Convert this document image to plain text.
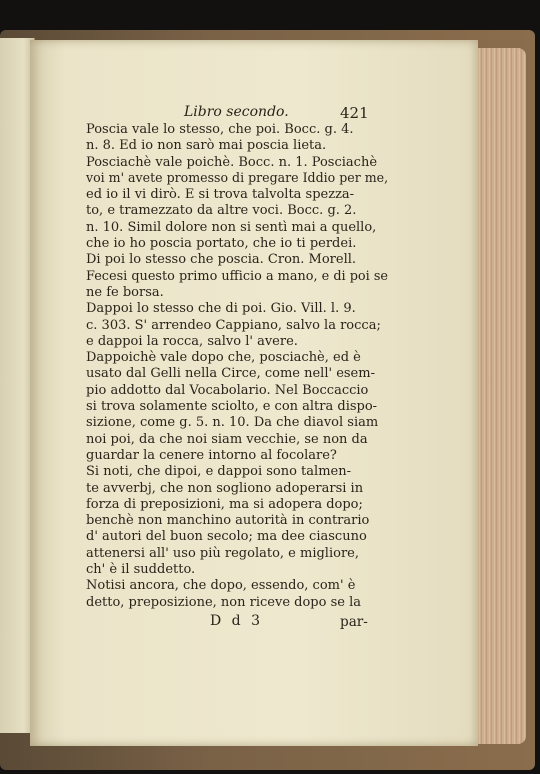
Libro secondo.	421
Poscia vale lo stesso, che poi. Bocc. g. 4.
n. 8. Ed io non sarò mai poscia lieta.
Posciachè vale poichè. Bocc. n. 1. Posciachè
voi m' avete promesso di pregare Iddio per me,
ed io il vi dirò. E si trova talvolta spezza-
to, e tramezzato da altre voci. Bocc. g. 2.
n. 10. Simil dolore non si sentì mai a quello,
che io ho poscia portato, che io ti perdei.
Di poi lo stesso che poscia. Cron. Morell.
Fecesi questo primo ufficio a mano, e di poi se
ne fe borsa.
Dappoi lo stesso che di poi. Gio. Vill. l. 9.
c. 303. S' arrendeo Cappiano, salvo la rocca;
e dappoi la rocca, salvo l' avere.
Dappoichè vale dopo che, posciachè, ed è
usato dal Gelli nella Circe, come nell' esem-
pio addotto dal Vocabolario. Nel Boccaccio
si trova solamente sciolto, e con altra dispo-
sizione, come g. 5. n. 10. Da che diavol siam
noi poi, da che noi siam vecchie, se non da
guardar la cenere intorno al focolare?
Si noti, che dipoi, e dappoi sono talmen-
te avverbj, che non sogliono adoperarsi in
forza di preposizioni, ma si adopera dopo;
benchè non manchino autorità in contrario
d' autori del buon secolo; ma dee ciascuno
attenersi all' uso più regolato, e migliore,
ch' è il suddetto.
Notisi ancora, che dopo, essendo, com' è
detto, preposizione, non riceve dopo se la
D d 3	par-
